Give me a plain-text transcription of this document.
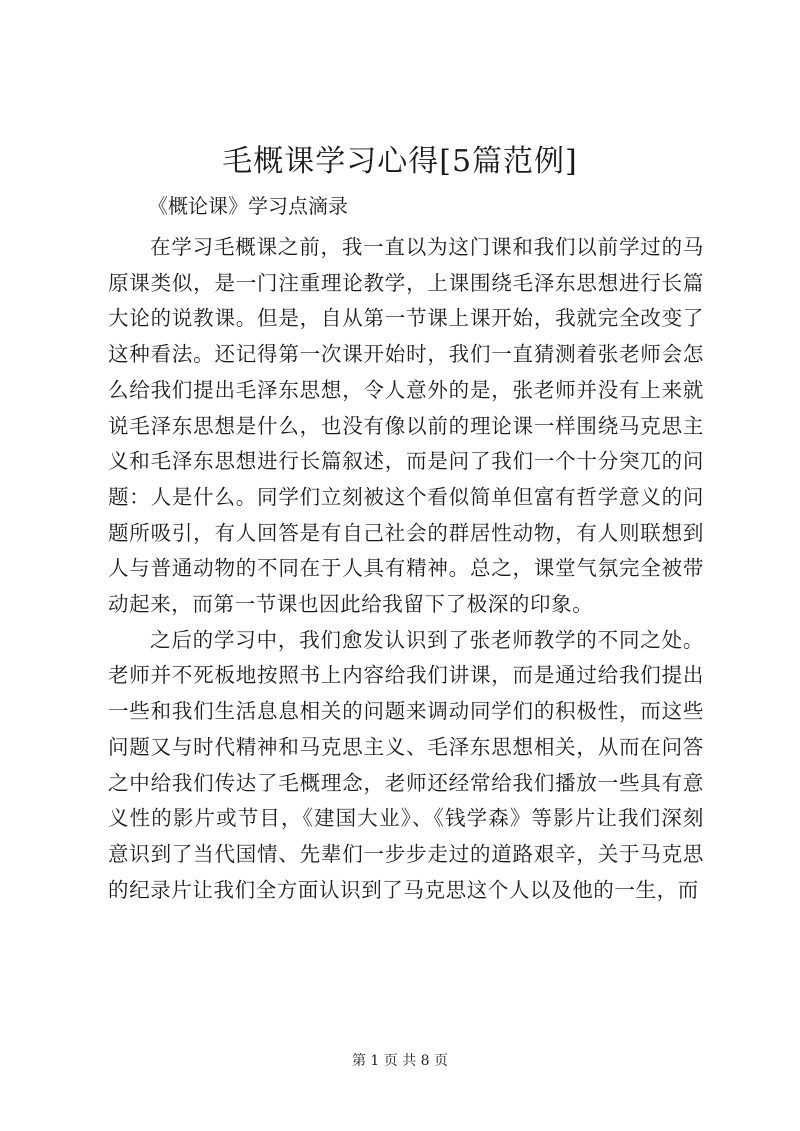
毛概课学习心得[5篇范例]

《概论课》学习点滴录

在学习毛概课之前，我一直以为这门课和我们以前学过的马原课类似，是一门注重理论教学，上课围绕毛泽东思想进行长篇大论的说教课。但是，自从第一节课上课开始，我就完全改变了这种看法。还记得第一次课开始时，我们一直猜测着张老师会怎么给我们提出毛泽东思想，令人意外的是，张老师并没有上来就说毛泽东思想是什么，也没有像以前的理论课一样围绕马克思主义和毛泽东思想进行长篇叙述，而是问了我们一个十分突兀的问题：人是什么。同学们立刻被这个看似简单但富有哲学意义的问题所吸引，有人回答是有自己社会的群居性动物，有人则联想到人与普通动物的不同在于人具有精神。总之，课堂气氛完全被带动起来，而第一节课也因此给我留下了极深的印象。

之后的学习中，我们愈发认识到了张老师教学的不同之处。老师并不死板地按照书上内容给我们讲课，而是通过给我们提出一些和我们生活息息相关的问题来调动同学们的积极性，而这些问题又与时代精神和马克思主义、毛泽东思想相关，从而在问答之中给我们传达了毛概理念，老师还经常给我们播放一些具有意义性的影片或节目，《建国大业》、《钱学森》等影片让我们深刻意识到了当代国情、先辈们一步步走过的道路艰辛，关于马克思的纪录片让我们全方面认识到了马克思这个人以及他的一生，而

第 1 页 共 8 页
